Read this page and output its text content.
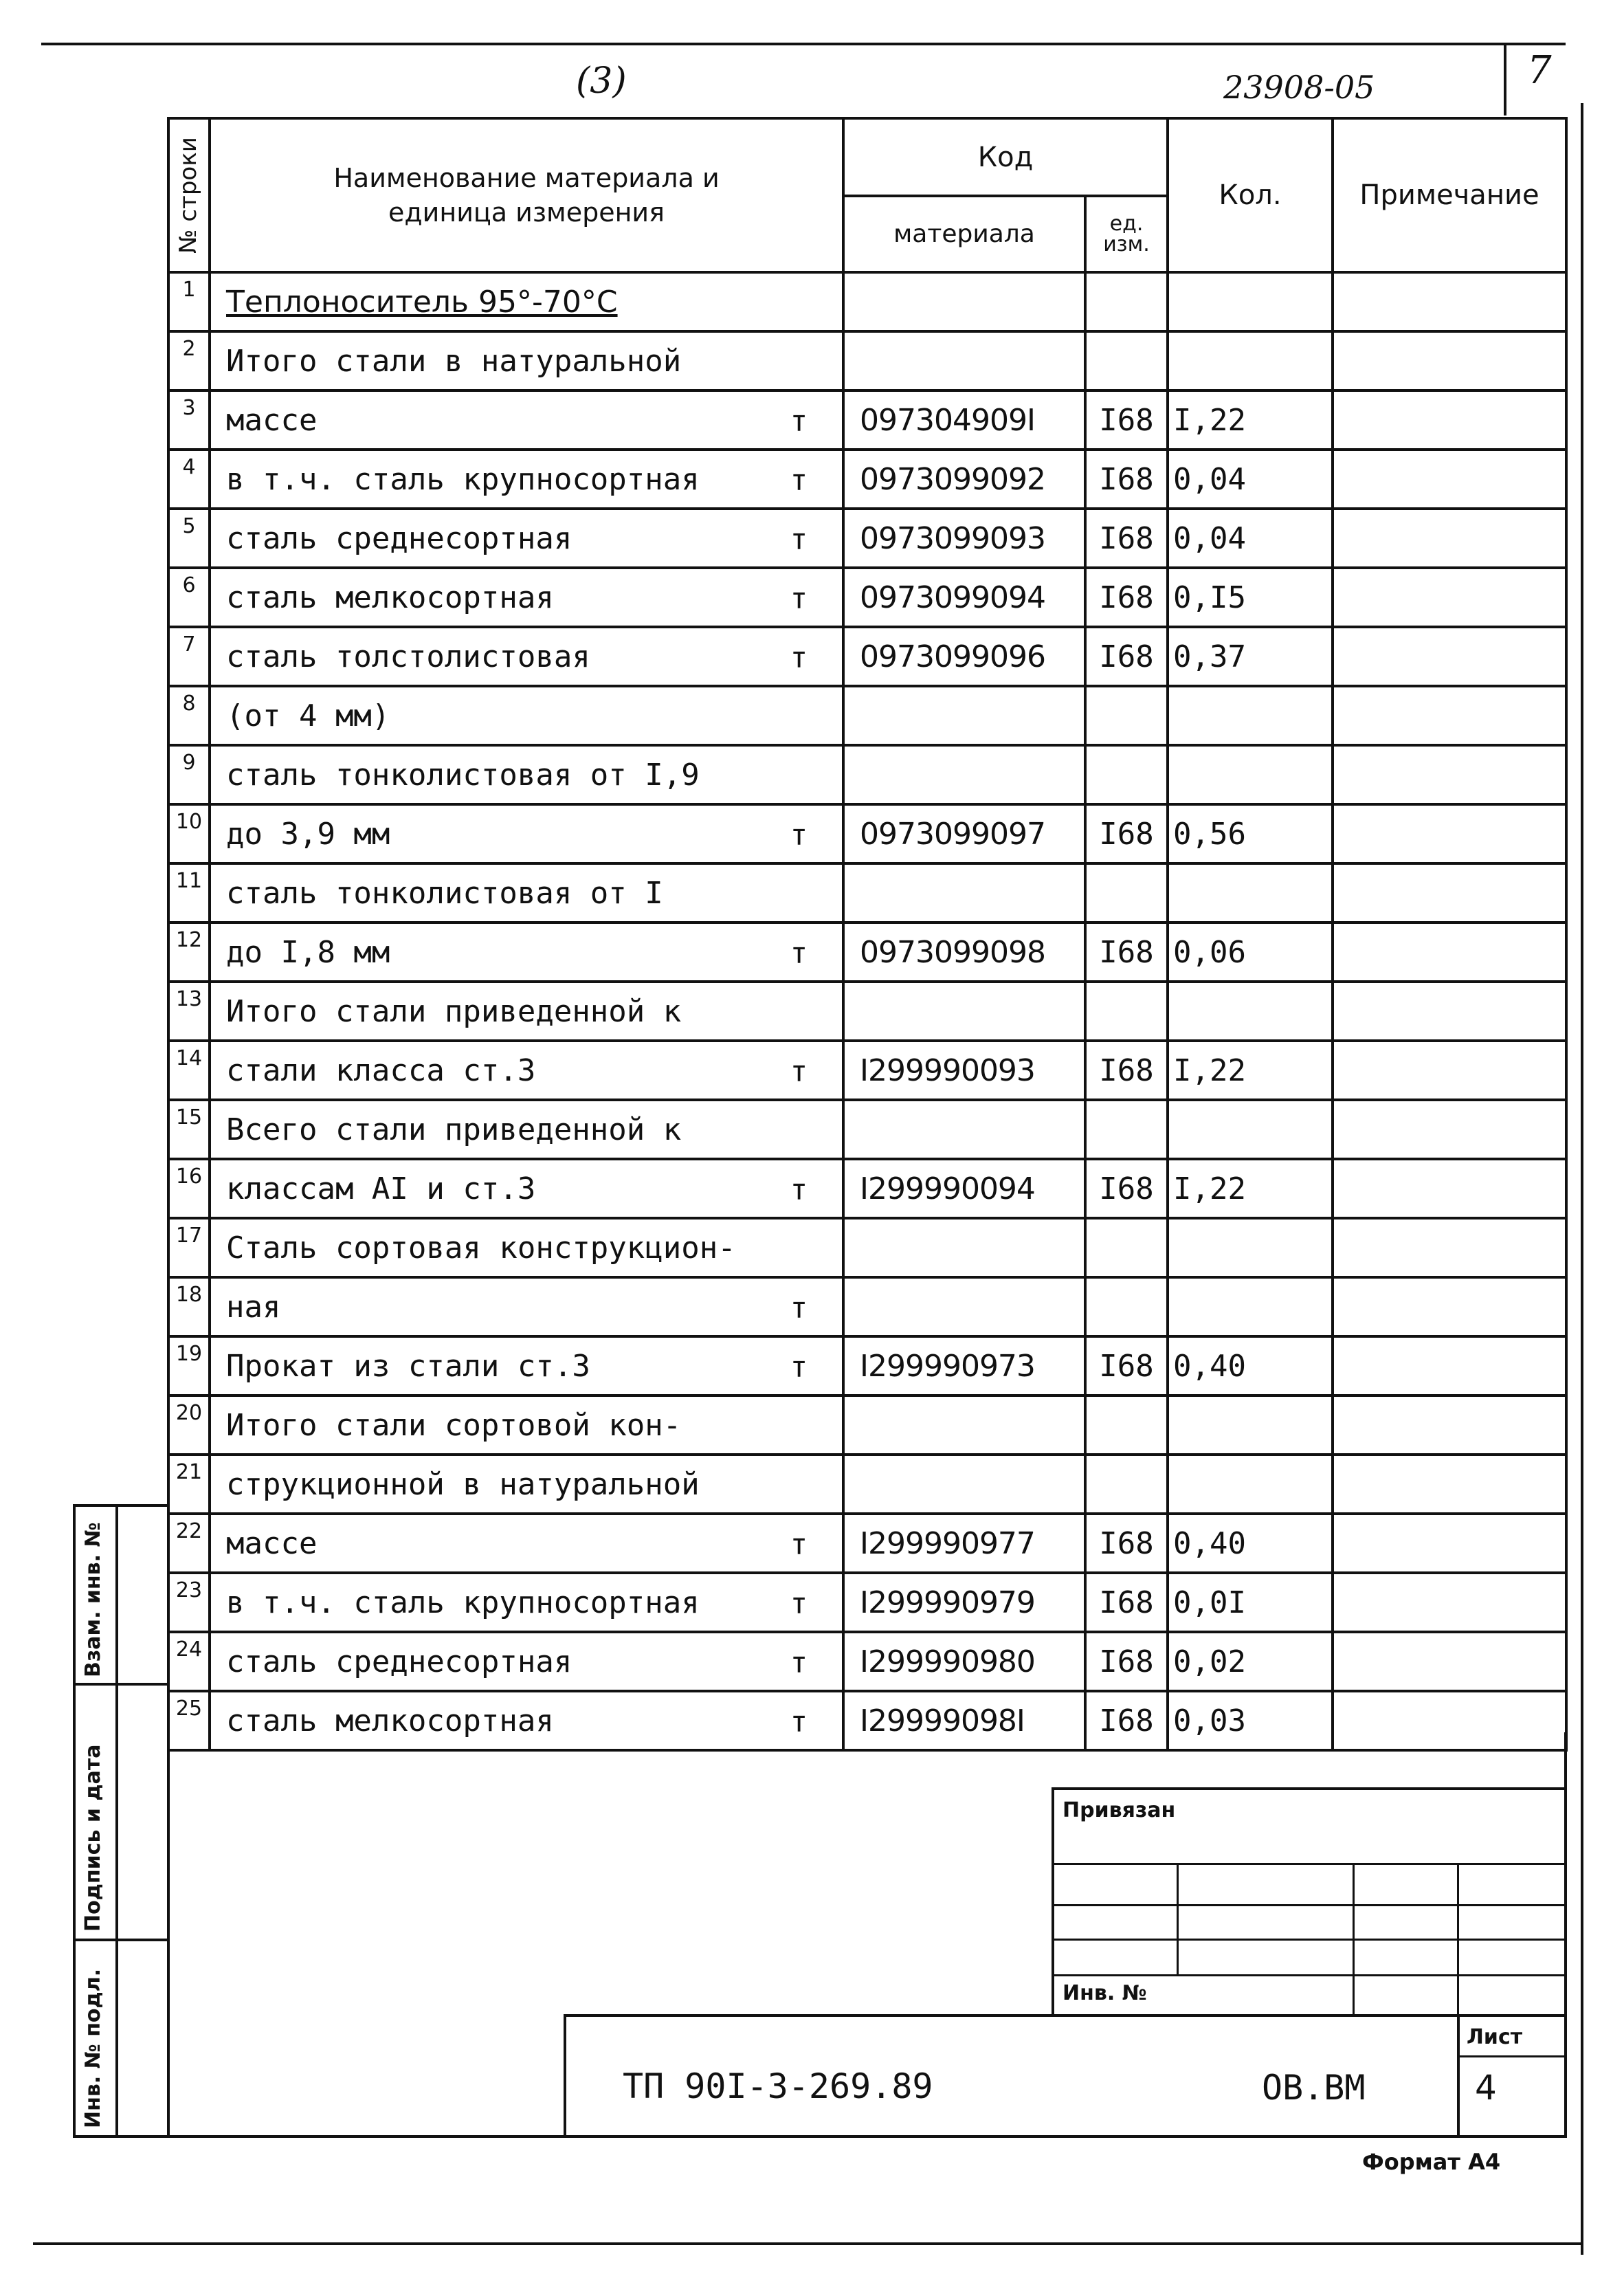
(3)	23908-05	7
№ строки	Наименование материала и единица измерения	Код		Кол.	Примечание
		материала	ед. изм.		

1	Теплоноситель 95°-70°С

2	Итого стали в натуральной

3	массе т	097304909I	I68	I,22	
4	в т.ч. сталь крупносортная т	0973099092	I68	0,04	
5	сталь среднесортная т	0973099093	I68	0,04	
6	сталь мелкосортная т	0973099094	I68	0,I5	
7	сталь толстолистовая т	0973099096	I68	0,37	
8	(от 4 мм)

9	сталь тонколистовая от I,9

10	до 3,9 мм т	0973099097	I68	0,56	
11	сталь тонколистовая от I

12	до I,8 мм т	0973099098	I68	0,06	
13	Итого стали приведенной к

14	стали класса ст.3 т	I299990093	I68	I,22	
15	Всего стали приведенной к

16	классам АI и ст.3 т	I299990094	I68	I,22	
17	Сталь сортовая конструкцион-

18	ная т				

19	Прокат из стали ст.3 т	I299990973	I68	0,40	
20	Итого стали сортовой кон-

21	струкционной в натуральной

22	массе т	I299990977	I68	0,40	
23	в т.ч. сталь крупносортная т	I299990979	I68	0,0I	
24	сталь среднесортная т	I299990980	I68	0,02	
25	сталь мелкосортная т	I29999098I	I68	0,03	
Взам. инв. №
Подпись и дата
Инв. № подл.
Привязан
Инв. №
Лист
4
ТП 90I-3-269.89	ОВ.ВМ
Формат А4
